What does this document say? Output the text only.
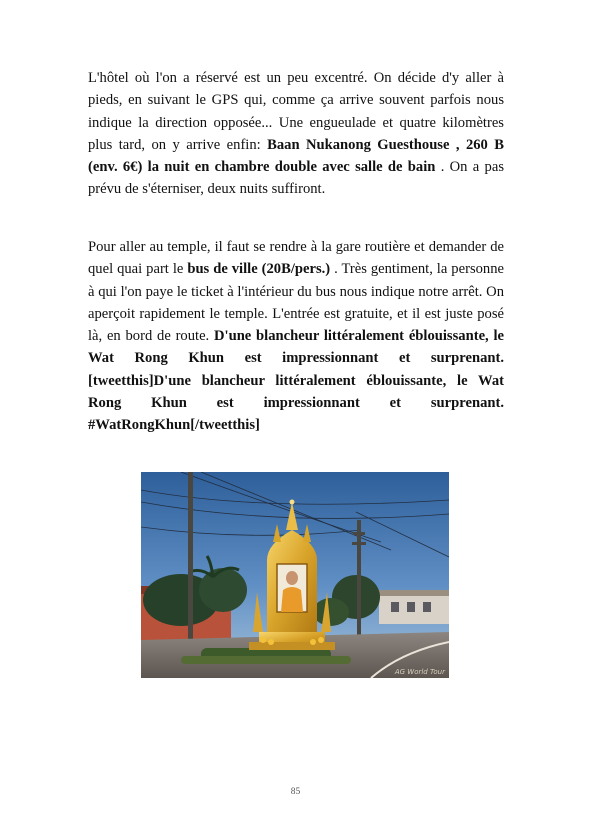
L'hôtel où l'on a réservé est un peu excentré. On décide d'y aller à pieds, en suivant le GPS qui, comme ça arrive souvent parfois nous indique la direction opposée... Une engueulade et quatre kilomètres plus tard, on y arrive enfin: Baan Nukanong Guesthouse , 260 B (env. 6€) la nuit en chambre double avec salle de bain . On a pas prévu de s'éterniser, deux nuits suffiront.

Pour aller au temple, il faut se rendre à la gare routière et demander de quel quai part le bus de ville (20B/pers.) . Très gentiment, la personne à qui l'on paye le ticket à l'intérieur du bus nous indique notre arrêt. On aperçoit rapidement le temple. L'entrée est gratuite, et il est juste posé là, en bord de route. D'une blancheur littéralement éblouissante, le Wat Rong Khun est impressionnant et surprenant.[tweetthis]D'une blancheur littéralement éblouissante, le Wat Rong Khun est impressionnant et surprenant. #WatRongKhun[/tweetthis]

AG World Tour
85
